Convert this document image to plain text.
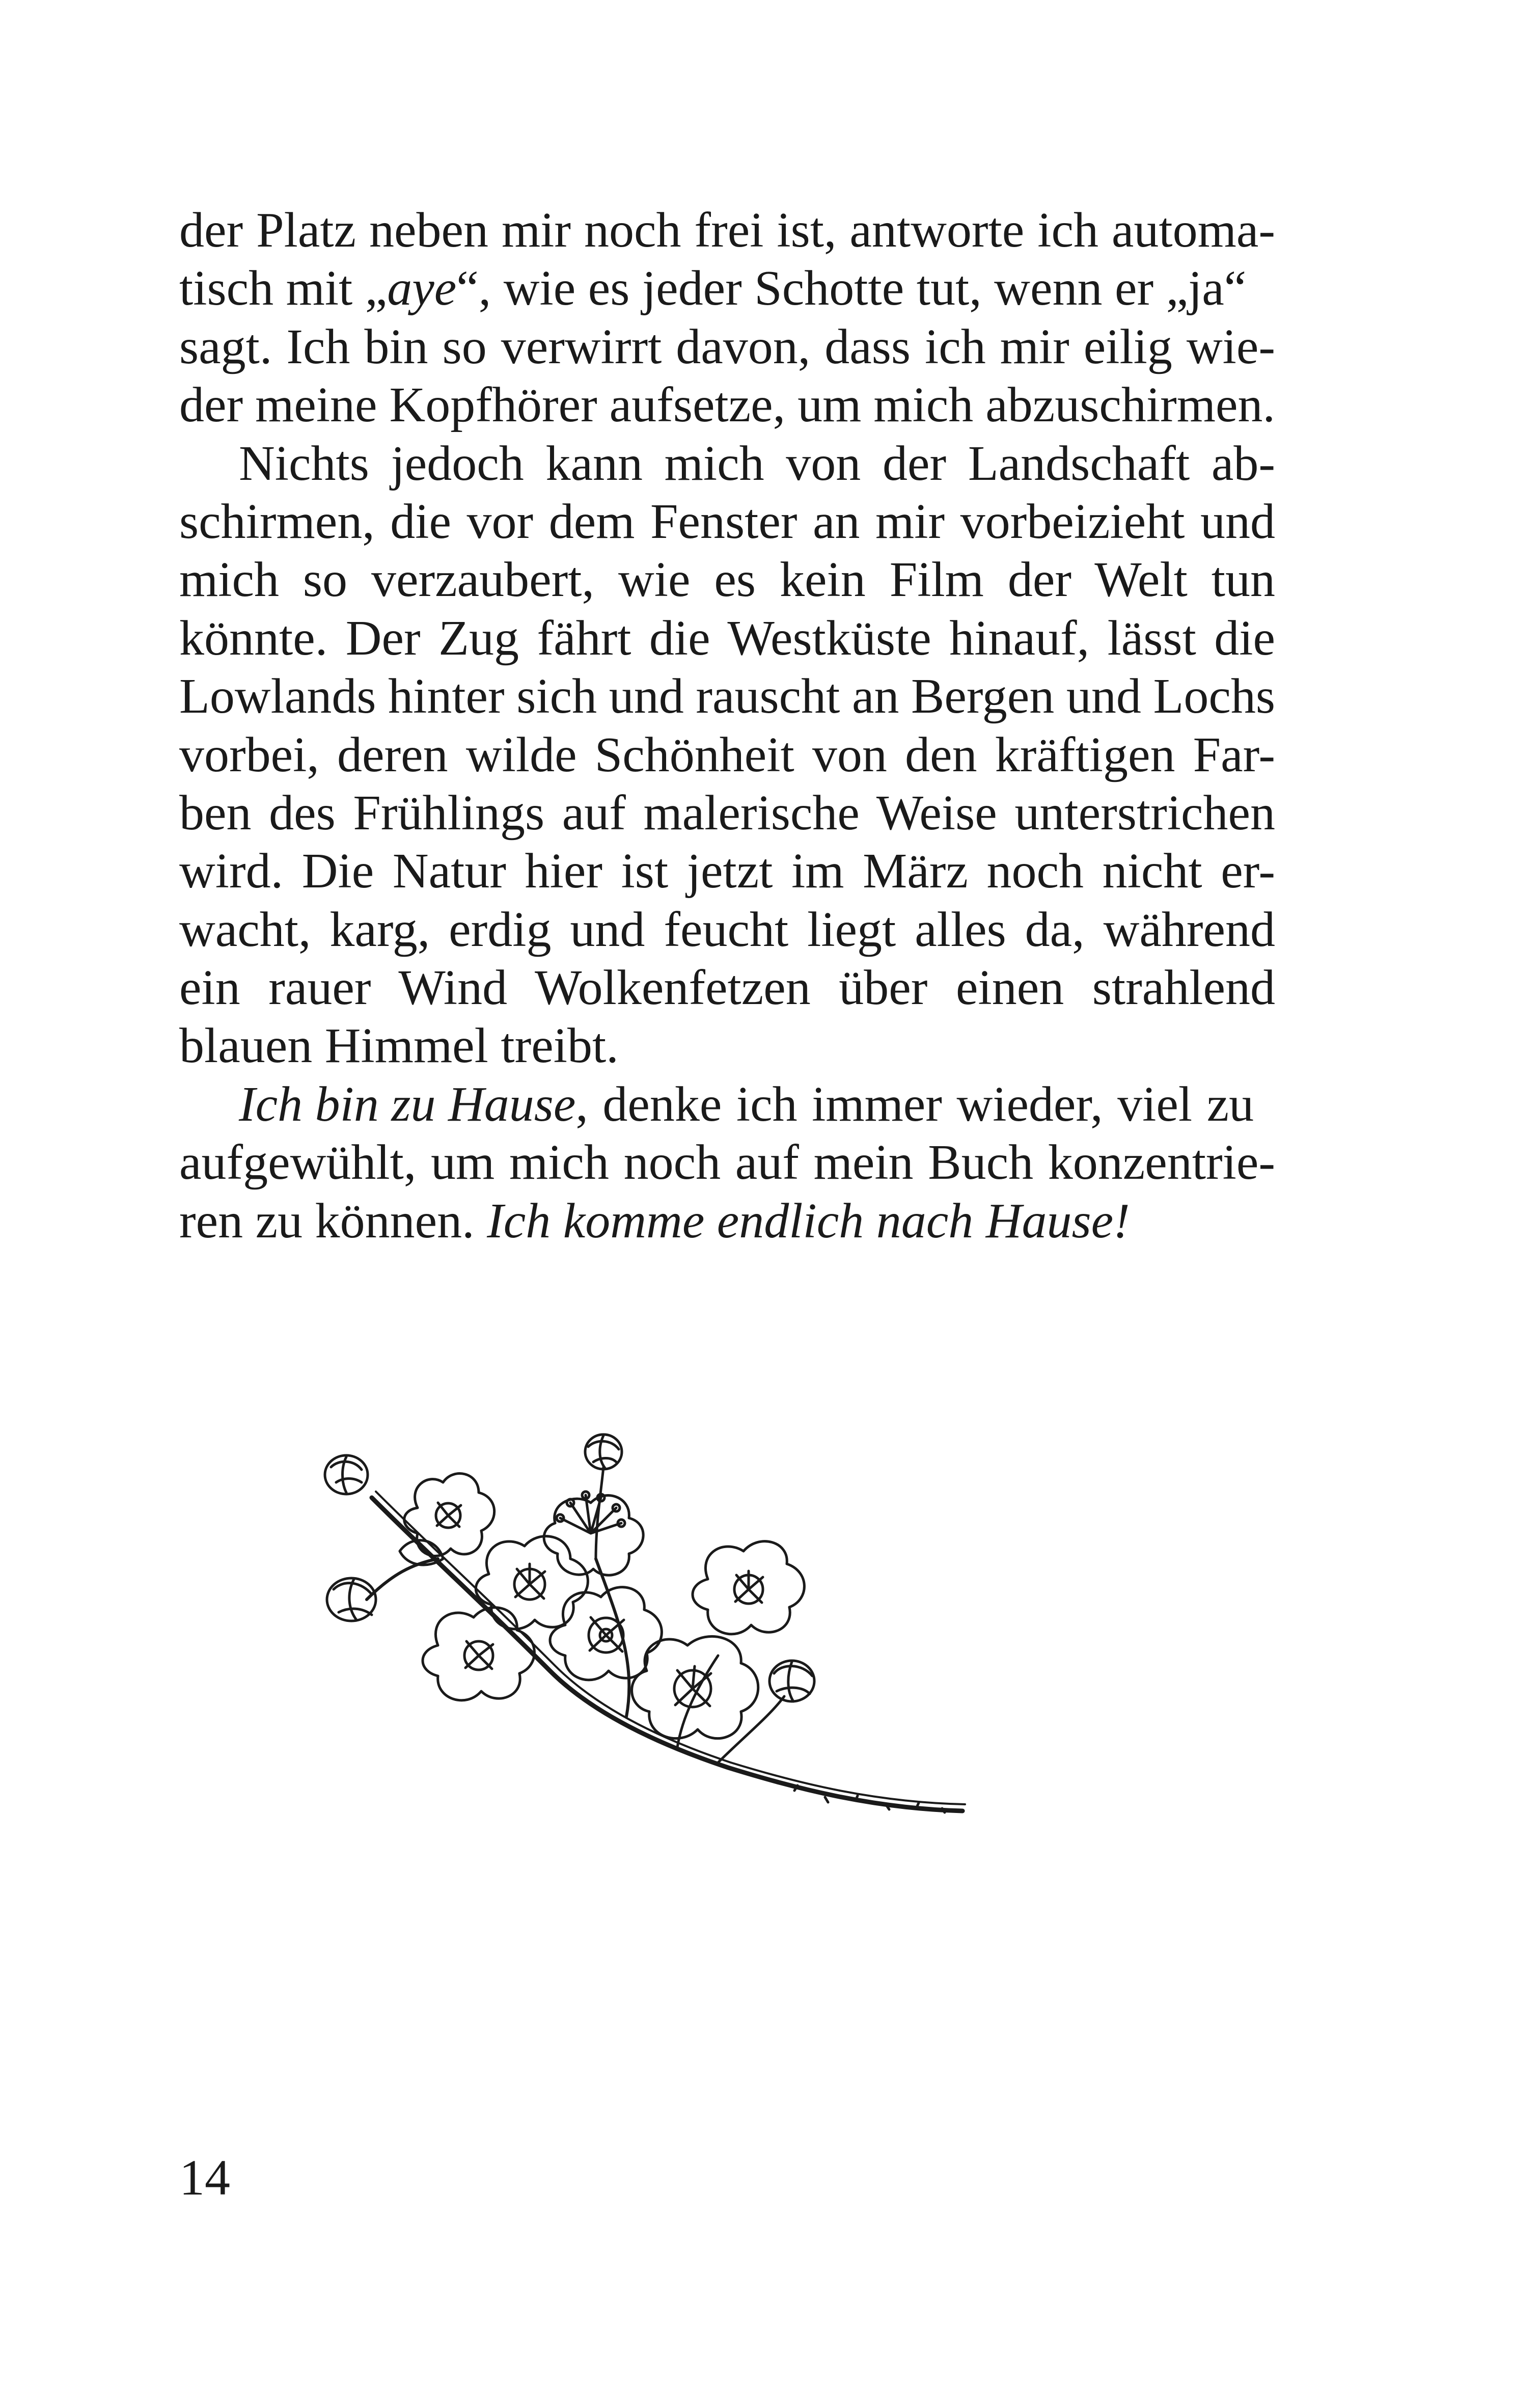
der Platz neben mir noch frei ist, antworte ich automa-
tisch mit „ aye “, wie es jeder Schotte tut, wenn er „ja“
sagt. Ich bin so verwirrt davon, dass ich mir eilig wie-
der meine Kopfhörer aufsetze, um mich abzuschirmen.
Nichts jedoch kann mich von der Landschaft ab-
schirmen, die vor dem Fenster an mir vorbeizieht und
mich so verzaubert, wie es kein Film der Welt tun
könnte. Der Zug fährt die Westküste hinauf, lässt die
Lowlands hinter sich und rauscht an Bergen und Lochs
vorbei, deren wilde Schönheit von den kräftigen Far-
ben des Frühlings auf malerische Weise unterstrichen
wird. Die Natur hier ist jetzt im März noch nicht er-
wacht, karg, erdig und feucht liegt alles da, während
ein rauer Wind Wolkenfetzen über einen strahlend
blauen Himmel treibt.
Ich bin zu Hause , denke ich immer wieder, viel zu
aufgewühlt, um mich noch auf mein Buch konzentrie-
ren zu können. Ich komme endlich nach Hause!
14
